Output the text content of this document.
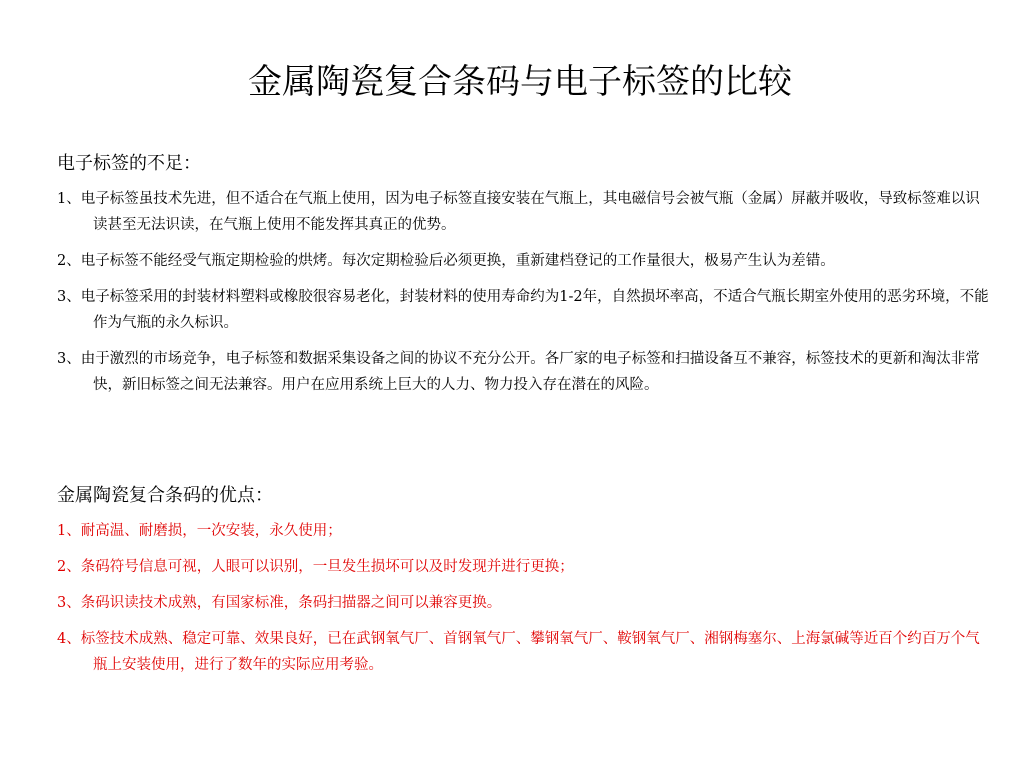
金属陶瓷复合条码与电子标签的比较
电子标签的不足：
1、电子标签虽技术先进，但不适合在气瓶上使用，因为电子标签直接安装在气瓶上，其电磁信号会被气瓶（金属）屏蔽并吸收，导致标签难以识读甚至无法识读，在气瓶上使用不能发挥其真正的优势。
2、电子标签不能经受气瓶定期检验的烘烤。每次定期检验后必须更换，重新建档登记的工作量很大，极易产生认为差错。
3、电子标签采用的封装材料塑料或橡胶很容易老化，封装材料的使用寿命约为1-2年，自然损坏率高，不适合气瓶长期室外使用的恶劣环境，不能作为气瓶的永久标识。
3、由于激烈的市场竞争，电子标签和数据采集设备之间的协议不充分公开。各厂家的电子标签和扫描设备互不兼容，标签技术的更新和淘汰非常快，新旧标签之间无法兼容。用户在应用系统上巨大的人力、物力投入存在潜在的风险。
金属陶瓷复合条码的优点：
1、耐高温、耐磨损，一次安装，永久使用；
2、条码符号信息可视，人眼可以识别，一旦发生损坏可以及时发现并进行更换；
3、条码识读技术成熟，有国家标准，条码扫描器之间可以兼容更换。
4、标签技术成熟、稳定可靠、效果良好，已在武钢氧气厂、首钢氧气厂、攀钢氧气厂、鞍钢氧气厂、湘钢梅塞尔、上海氯碱等近百个约百万个气瓶上安装使用，进行了数年的实际应用考验。
